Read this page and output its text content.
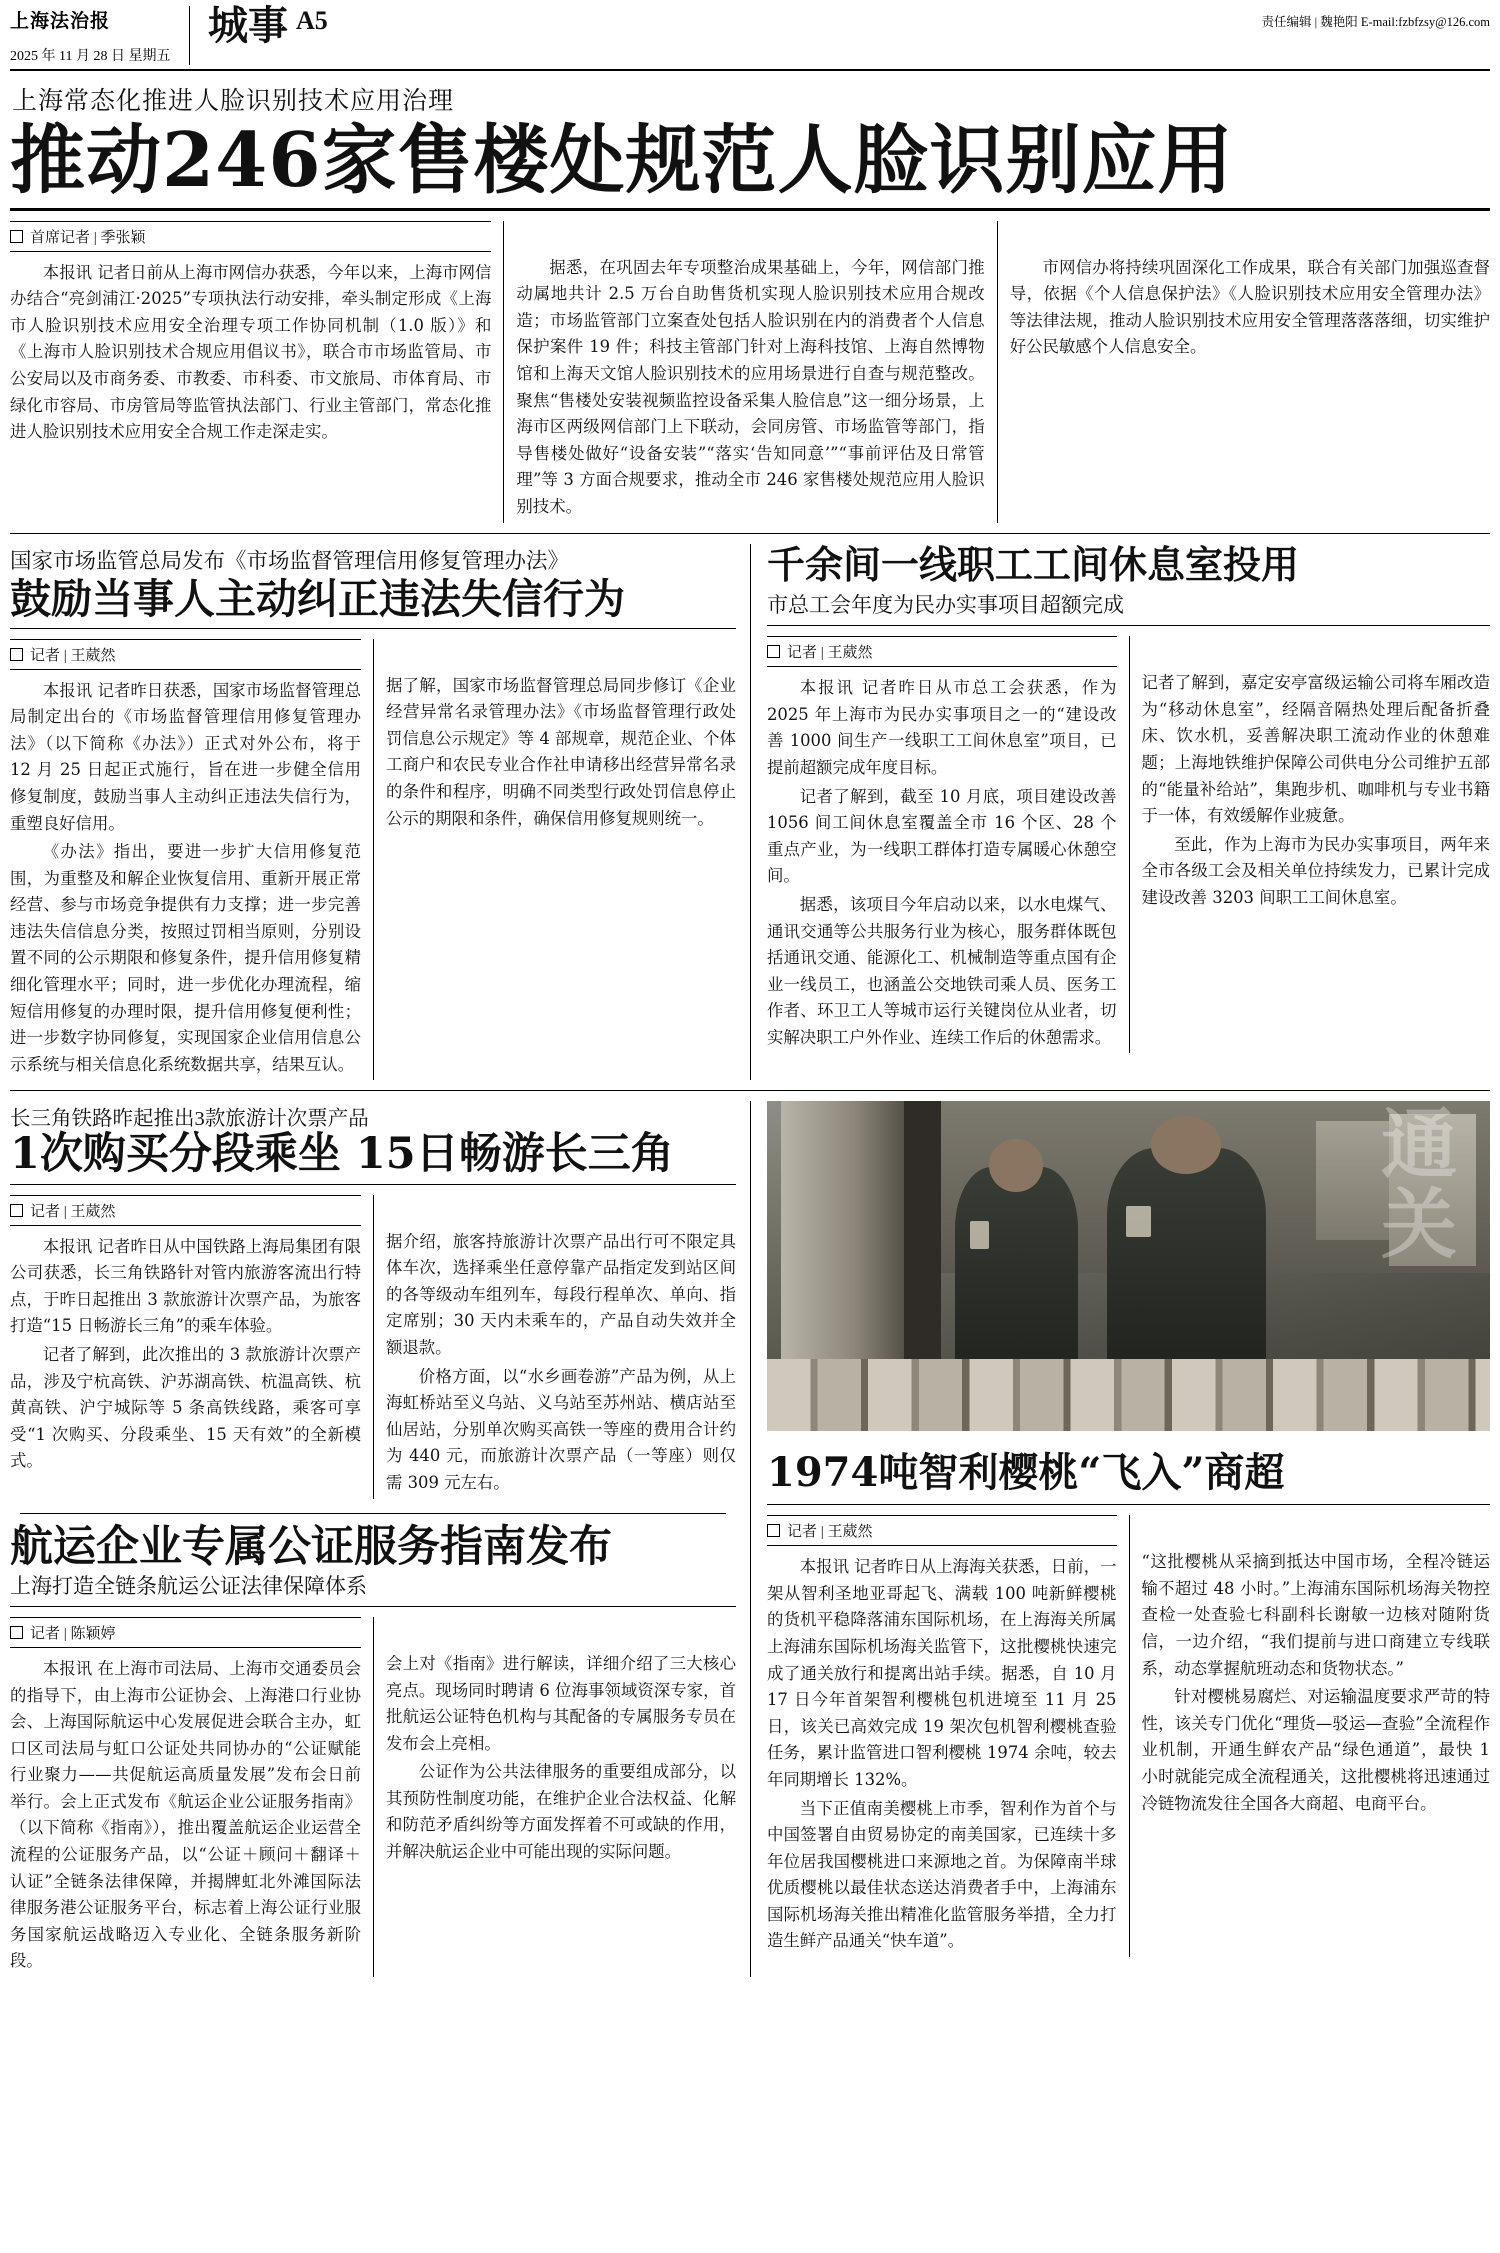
上海法治报
2025 年 11 月 28 日 星期五
城事 A5	责任编辑 | 魏艳阳 E-mail:fzbfzsy@126.com
上海常态化推进人脸识别技术应用治理
推动246家售楼处规范人脸识别应用
首席记者 | 季张颖

本报讯 记者日前从上海市网信办获悉，今年以来，上海市网信办结合“亮剑浦江·2025”专项执法行动安排，牵头制定形成《上海市人脸识别技术应用安全治理专项工作协同机制（1.0 版）》和《上海市人脸识别技术合规应用倡议书》，联合市市场监管局、市公安局以及市商务委、市教委、市科委、市文旅局、市体育局、市绿化市容局、市房管局等监管执法部门、行业主管部门，常态化推进人脸识别技术应用安全合规工作走深走实。

据悉，在巩固去年专项整治成果基础上，今年，网信部门推动属地共计 2.5 万台自助售货机实现人脸识别技术应用合规改造；市场监管部门立案查处包括人脸识别在内的消费者个人信息保护案件 19 件；科技主管部门针对上海科技馆、上海自然博物馆和上海天文馆人脸识别技术的应用场景进行自查与规范整改。聚焦“售楼处安装视频监控设备采集人脸信息”这一细分场景，上海市区两级网信部门上下联动，会同房管、市场监管等部门，指导售楼处做好“设备安装”“落实‘告知同意’”“事前评估及日常管理”等 3 方面合规要求，推动全市 246 家售楼处规范应用人脸识别技术。

市网信办将持续巩固深化工作成果，联合有关部门加强巡查督导，依据《个人信息保护法》《人脸识别技术应用安全管理办法》等法律法规，推动人脸识别技术应用安全管理落落落细，切实维护好公民敏感个人信息安全。

国家市场监管总局发布《市场监督管理信用修复管理办法》
鼓励当事人主动纠正违法失信行为
记者 | 王葳然

本报讯 记者昨日获悉，国家市场监督管理总局制定出台的《市场监督管理信用修复管理办法》（以下简称《办法》）正式对外公布，将于 12 月 25 日起正式施行，旨在进一步健全信用修复制度，鼓励当事人主动纠正违法失信行为，重塑良好信用。

《办法》指出，要进一步扩大信用修复范围，为重整及和解企业恢复信用、重新开展正常经营、参与市场竞争提供有力支撑；进一步完善违法失信信息分类，按照过罚相当原则，分别设置不同的公示期限和修复条件，提升信用修复精细化管理水平；同时，进一步优化办理流程，缩短信用修复的办理时限，提升信用修复便利性；进一步数字协同修复，实现国家企业信用信息公示系统与相关信息化系统数据共享，结果互认。

据了解，国家市场监督管理总局同步修订《企业经营异常名录管理办法》《市场监督管理行政处罚信息公示规定》等 4 部规章，规范企业、个体工商户和农民专业合作社申请移出经营异常名录的条件和程序，明确不同类型行政处罚信息停止公示的期限和条件，确保信用修复规则统一。

千余间一线职工工间休息室投用
市总工会年度为民办实事项目超额完成
记者 | 王葳然

本报讯 记者昨日从市总工会获悉，作为 2025 年上海市为民办实事项目之一的“建设改善 1000 间生产一线职工工间休息室”项目，已提前超额完成年度目标。

记者了解到，截至 10 月底，项目建设改善 1056 间工间休息室覆盖全市 16 个区、28 个重点产业，为一线职工群体打造专属暖心休憩空间。

据悉，该项目今年启动以来，以水电煤气、通讯交通等公共服务行业为核心，服务群体既包括通讯交通、能源化工、机械制造等重点国有企业一线员工，也涵盖公交地铁司乘人员、医务工作者、环卫工人等城市运行关键岗位从业者，切实解决职工户外作业、连续工作后的休憩需求。

记者了解到，嘉定安亭富级运输公司将车厢改造为“移动休息室”，经隔音隔热处理后配备折叠床、饮水机，妥善解决职工流动作业的休憩难题；上海地铁维护保障公司供电分公司维护五部的“能量补给站”，集跑步机、咖啡机与专业书籍于一体，有效缓解作业疲惫。

至此，作为上海市为民办实事项目，两年来全市各级工会及相关单位持续发力，已累计完成建设改善 3203 间职工工间休息室。

长三角铁路昨起推出3款旅游计次票产品
1次购买分段乘坐 15日畅游长三角
记者 | 王葳然

本报讯 记者昨日从中国铁路上海局集团有限公司获悉，长三角铁路针对管内旅游客流出行特点，于昨日起推出 3 款旅游计次票产品，为旅客打造“15 日畅游长三角”的乘车体验。

记者了解到，此次推出的 3 款旅游计次票产品，涉及宁杭高铁、沪苏湖高铁、杭温高铁、杭黄高铁、沪宁城际等 5 条高铁线路，乘客可享受“1 次购买、分段乘坐、15 天有效”的全新模式。

据介绍，旅客持旅游计次票产品出行可不限定具体车次，选择乘坐任意停靠产品指定发到站区间的各等级动车组列车，每段行程单次、单向、指定席别；30 天内未乘车的，产品自动失效并全额退款。

价格方面，以“水乡画卷游”产品为例，从上海虹桥站至义乌站、义乌站至苏州站、横店站至仙居站，分别单次购买高铁一等座的费用合计约为 440 元，而旅游计次票产品（一等座）则仅需 309 元左右。

航运企业专属公证服务指南发布
上海打造全链条航运公证法律保障体系
记者 | 陈颖婷

本报讯 在上海市司法局、上海市交通委员会的指导下，由上海市公证协会、上海港口行业协会、上海国际航运中心发展促进会联合主办，虹口区司法局与虹口公证处共同协办的“公证赋能行业聚力——共促航运高质量发展”发布会日前举行。会上正式发布《航运企业公证服务指南》（以下简称《指南》），推出覆盖航运企业运营全流程的公证服务产品，以“公证＋顾问＋翻译＋认证”全链条法律保障，并揭牌虹北外滩国际法律服务港公证服务平台，标志着上海公证行业服务国家航运战略迈入专业化、全链条服务新阶段。

会上对《指南》进行解读，详细介绍了三大核心亮点。现场同时聘请 6 位海事领域资深专家，首批航运公证特色机构与其配备的专属服务专员在发布会上亮相。

公证作为公共法律服务的重要组成部分，以其预防性制度功能，在维护企业合法权益、化解和防范矛盾纠纷等方面发挥着不可或缺的作用，并解决航运企业中可能出现的实际问题。

通关
1974吨智利樱桃“飞入”商超
记者 | 王葳然

本报讯 记者昨日从上海海关获悉，日前，一架从智利圣地亚哥起飞、满载 100 吨新鲜樱桃的货机平稳降落浦东国际机场，在上海海关所属上海浦东国际机场海关监管下，这批樱桃快速完成了通关放行和提离出站手续。据悉，自 10 月 17 日今年首架智利樱桃包机进境至 11 月 25 日，该关已高效完成 19 架次包机智利樱桃查验任务，累计监管进口智利樱桃 1974 余吨，较去年同期增长 132%。

当下正值南美樱桃上市季，智利作为首个与中国签署自由贸易协定的南美国家，已连续十多年位居我国樱桃进口来源地之首。为保障南半球优质樱桃以最佳状态送达消费者手中，上海浦东国际机场海关推出精准化监管服务举措，全力打造生鲜产品通关“快车道”。

“这批樱桃从采摘到抵达中国市场，全程冷链运输不超过 48 小时。”上海浦东国际机场海关物控查检一处查验七科副科长谢敏一边核对随附货信，一边介绍，“我们提前与进口商建立专线联系，动态掌握航班动态和货物状态。”

针对樱桃易腐烂、对运输温度要求严苛的特性，该关专门优化“理货—驳运—查验”全流程作业机制，开通生鲜农产品“绿色通道”，最快 1 小时就能完成全流程通关，这批樱桃将迅速通过冷链物流发往全国各大商超、电商平台。
